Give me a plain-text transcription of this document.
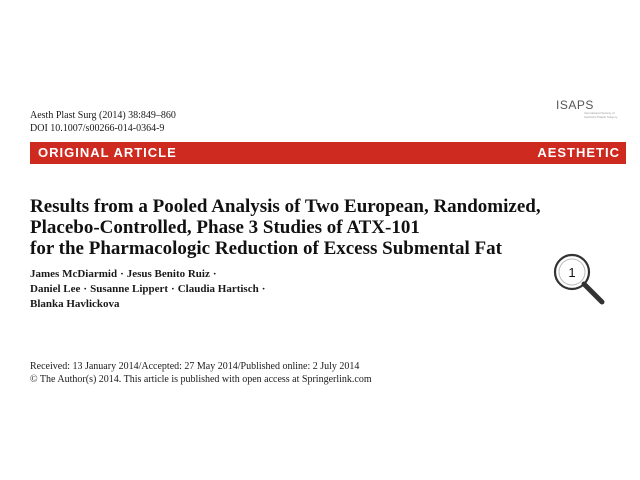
Aesth Plast Surg (2014) 38:849–860
DOI 10.1007/s00266-014-0364-9
ISAPS
International Society of Aesthetic Plastic Surgery
ORIGINAL ARTICLE	AESTHETIC
Results from a Pooled Analysis of Two European, Randomized,
Placebo-Controlled, Phase 3 Studies of ATX-101
for the Pharmacologic Reduction of Excess Submental Fat
James McDiarmid · Jesus Benito Ruiz ·
Daniel Lee · Susanne Lippert · Claudia Hartisch ·
Blanka Havlickova
1
Received: 13 January 2014/Accepted: 27 May 2014/Published online: 2 July 2014
© The Author(s) 2014. This article is published with open access at Springerlink.com
